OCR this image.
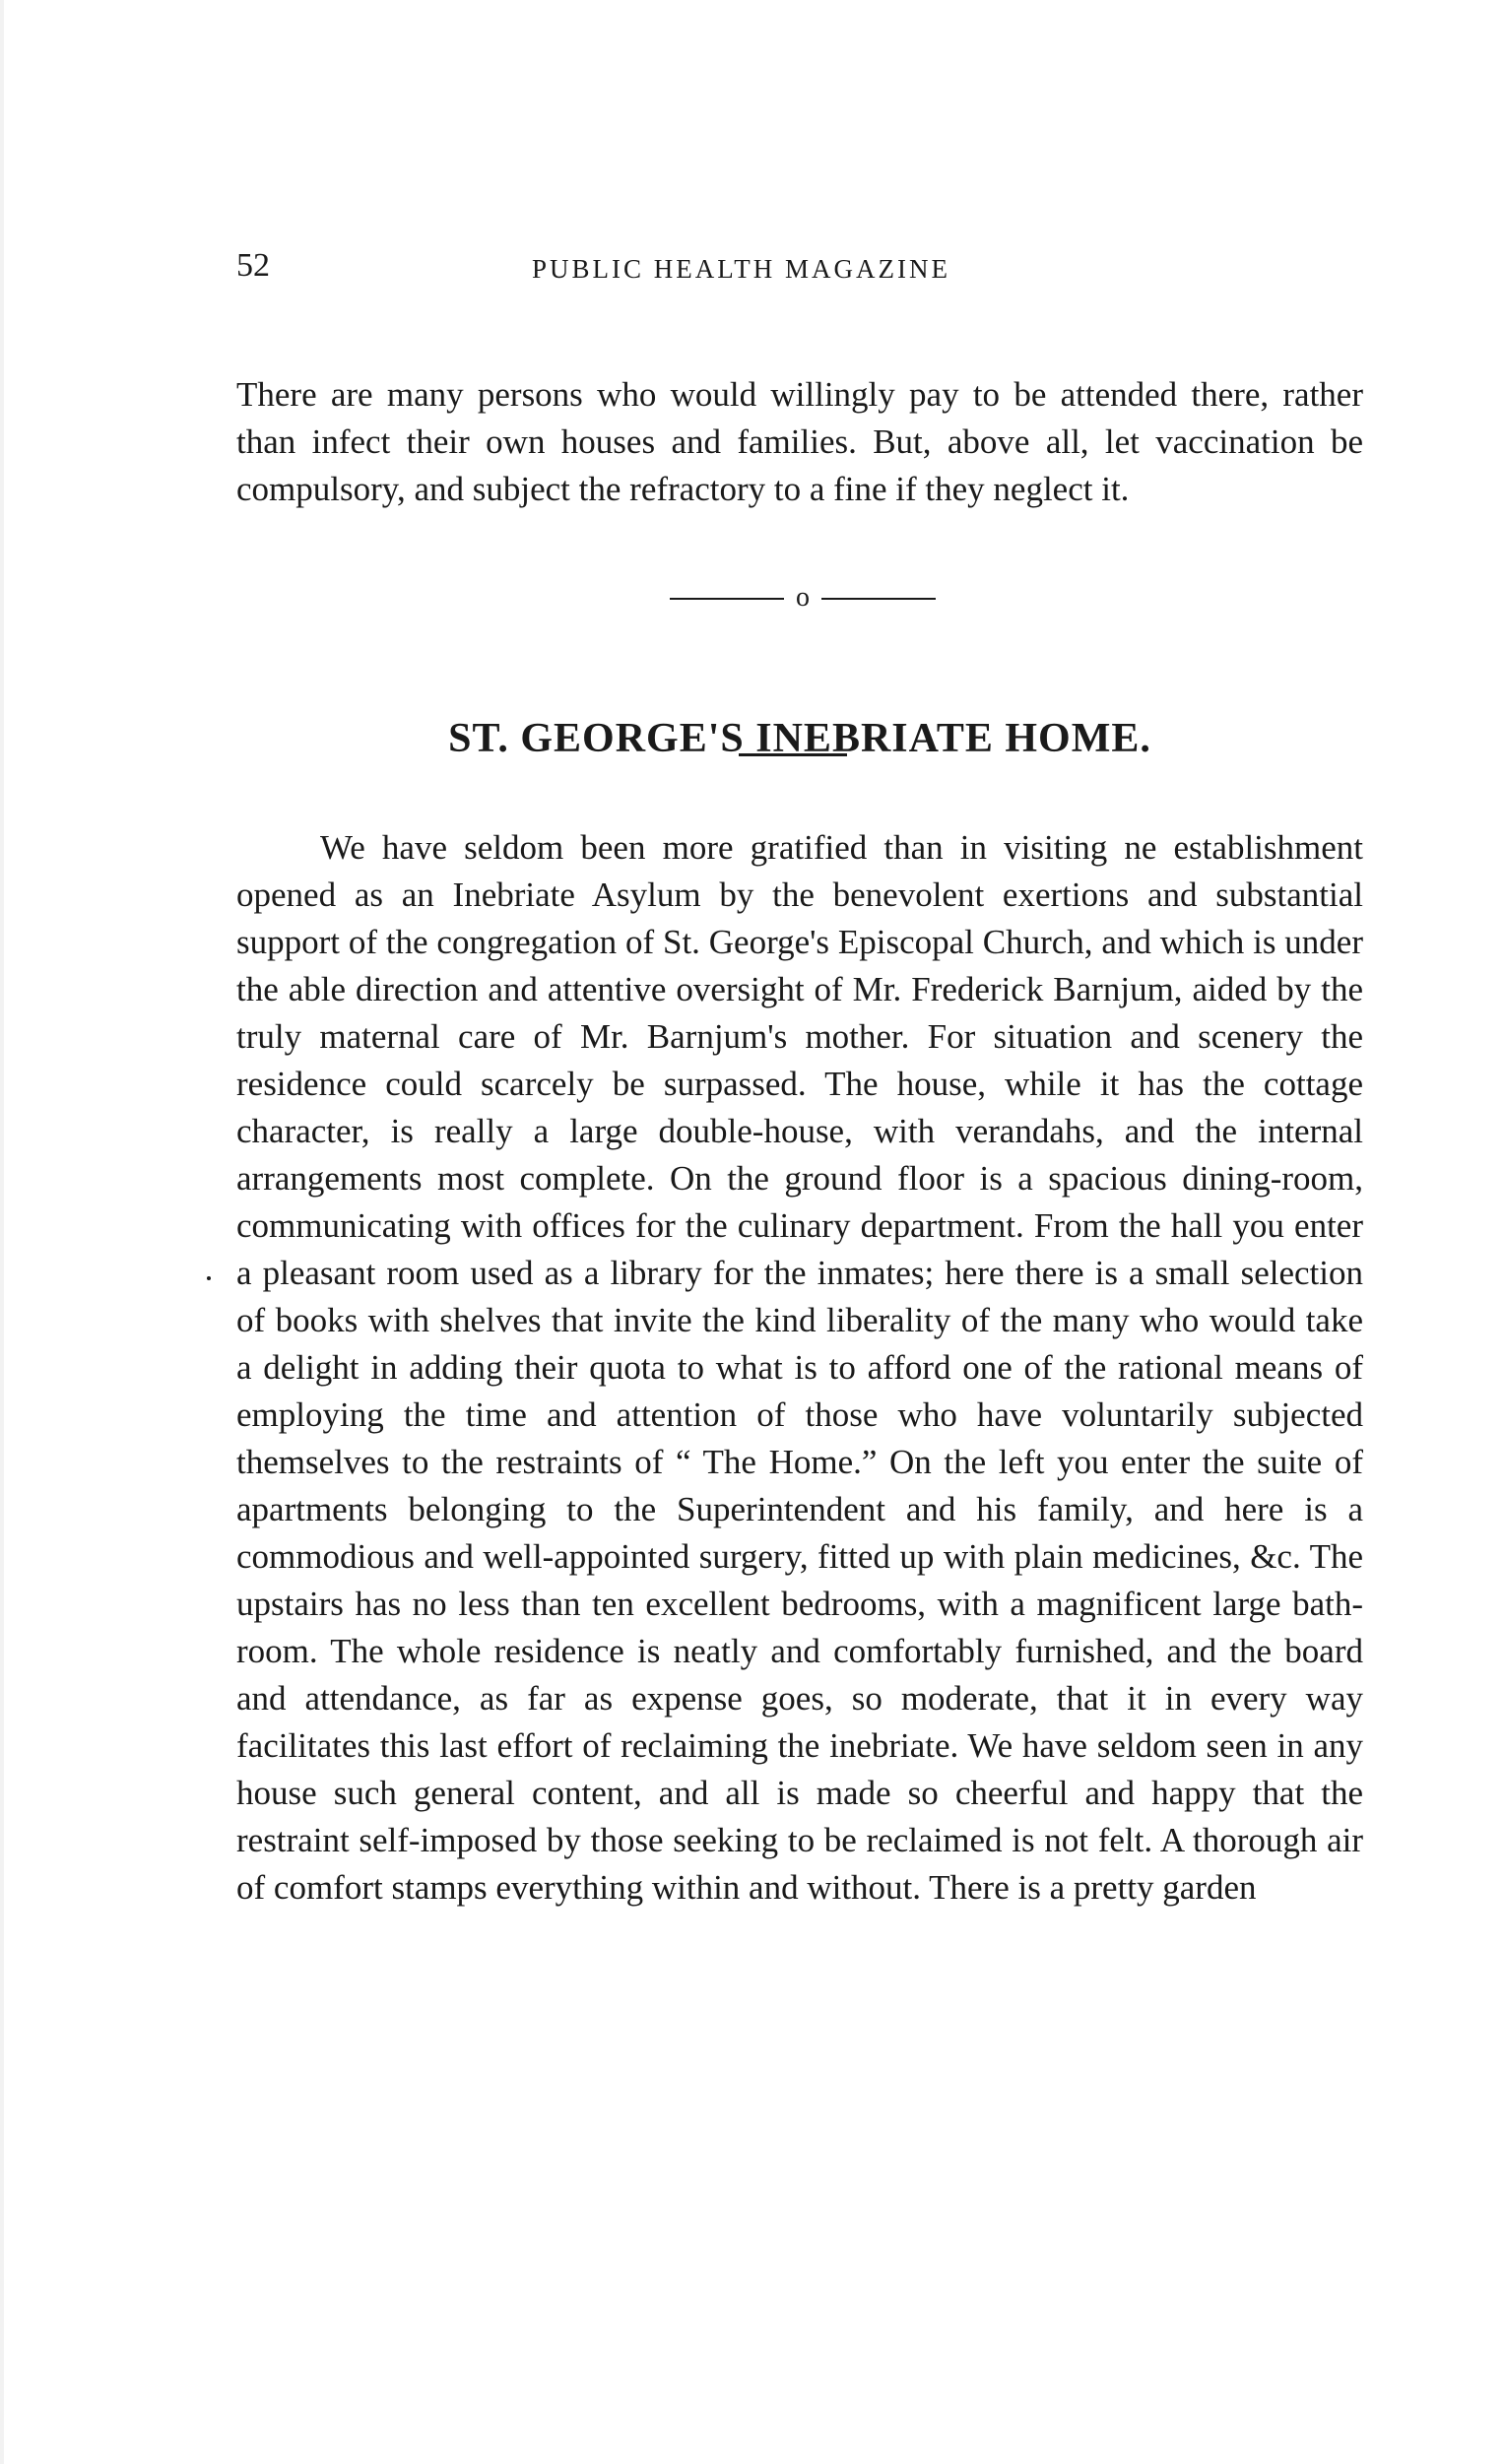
52	PUBLIC HEALTH MAGAZINE

There are many persons who would willingly pay to be attended there, rather than infect their own houses and families. But, above all, let vaccination be compulsory, and subject the refractory to a fine if they neglect it.

o
ST. GEORGE'S INEBRIATE HOME.

We have seldom been more gratified than in visiting ne establishment opened as an Inebriate Asylum by the benevolent exertions and substantial support of the congregation of St. George's Episcopal Church, and which is under the able direction and attentive oversight of Mr. Frederick Barnjum, aided by the truly maternal care of Mr. Barnjum's mother. For situation and scenery the residence could scarcely be surpassed. The house, while it has the cottage character, is really a large double-house, with verandahs, and the internal arrangements most complete. On the ground floor is a spacious dining-room, communicating with offices for the culinary department. From the hall you enter a pleasant room used as a library for the inmates; here there is a small selection of books with shelves that invite the kind liberality of the many who would take a delight in adding their quota to what is to afford one of the rational means of employing the time and attention of those who have voluntarily subjected themselves to the restraints of “ The Home.” On the left you enter the suite of apartments belonging to the Superintendent and his family, and here is a commodious and well-appointed surgery, fitted up with plain medicines, &c. The upstairs has no less than ten excellent bedrooms, with a magnificent large bath-room. The whole residence is neatly and comfortably furnished, and the board and attendance, as far as expense goes, so moderate, that it in every way facilitates this last effort of reclaiming the inebriate. We have seldom seen in any house such general content, and all is made so cheerful and happy that the restraint self-imposed by those seeking to be reclaimed is not felt. A thorough air of comfort stamps everything within and without. There is a pretty garden
